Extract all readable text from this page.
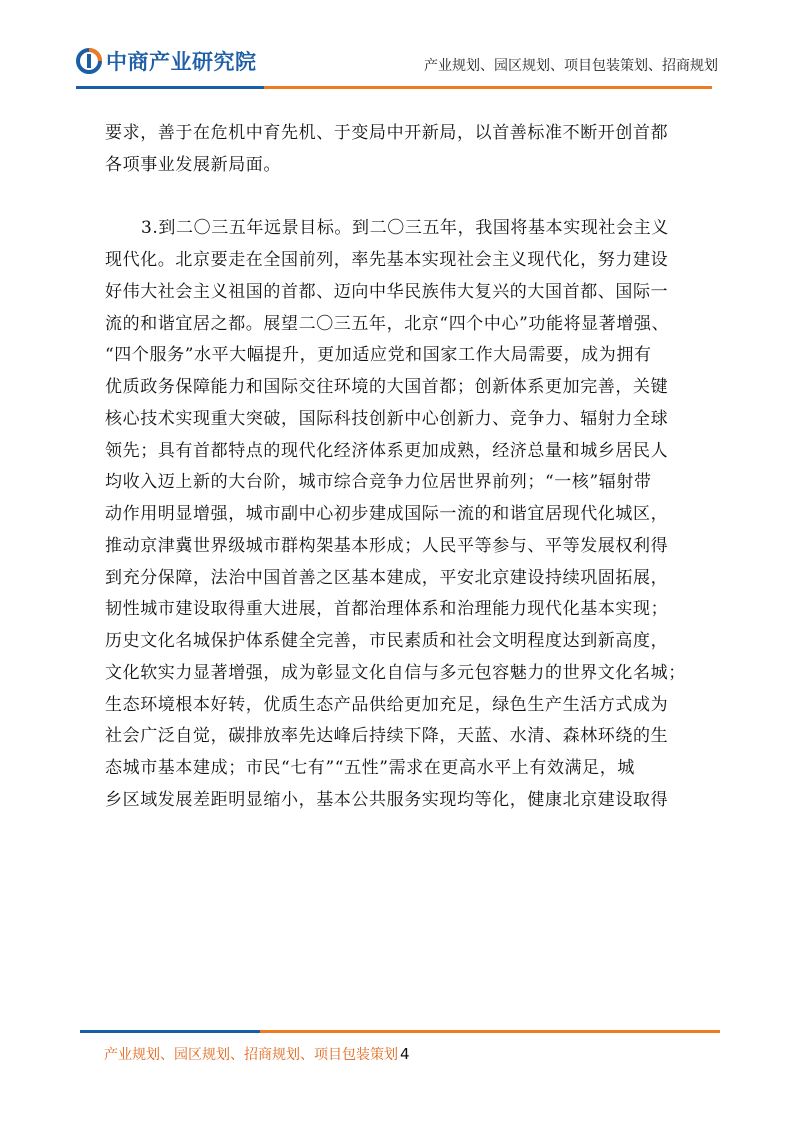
中商产业研究院	产业规划、园区规划、项目包装策划、招商规划
要求，善于在危机中育先机、于变局中开新局，以首善标准不断开创首都
各项事业发展新局面。
3.到二〇三五年远景目标。到二〇三五年，我国将基本实现社会主义
现代化。北京要走在全国前列，率先基本实现社会主义现代化，努力建设
好伟大社会主义祖国的首都、迈向中华民族伟大复兴的大国首都、国际一
流的和谐宜居之都。展望二〇三五年，北京“四个中心”功能将显著增强、
“四个服务”水平大幅提升，更加适应党和国家工作大局需要，成为拥有
优质政务保障能力和国际交往环境的大国首都；创新体系更加完善，关键
核心技术实现重大突破，国际科技创新中心创新力、竞争力、辐射力全球
领先；具有首都特点的现代化经济体系更加成熟，经济总量和城乡居民人
均收入迈上新的大台阶，城市综合竞争力位居世界前列；“一核”辐射带
动作用明显增强，城市副中心初步建成国际一流的和谐宜居现代化城区，
推动京津冀世界级城市群构架基本形成；人民平等参与、平等发展权利得
到充分保障，法治中国首善之区基本建成，平安北京建设持续巩固拓展，
韧性城市建设取得重大进展，首都治理体系和治理能力现代化基本实现；
历史文化名城保护体系健全完善，市民素质和社会文明程度达到新高度，
文化软实力显著增强，成为彰显文化自信与多元包容魅力的世界文化名城；
生态环境根本好转，优质生态产品供给更加充足，绿色生产生活方式成为
社会广泛自觉，碳排放率先达峰后持续下降，天蓝、水清、森林环绕的生
态城市基本建成；市民“七有”“五性”需求在更高水平上有效满足，城
乡区域发展差距明显缩小，基本公共服务实现均等化，健康北京建设取得
产业规划、园区规划、招商规划、项目包装策划 4
